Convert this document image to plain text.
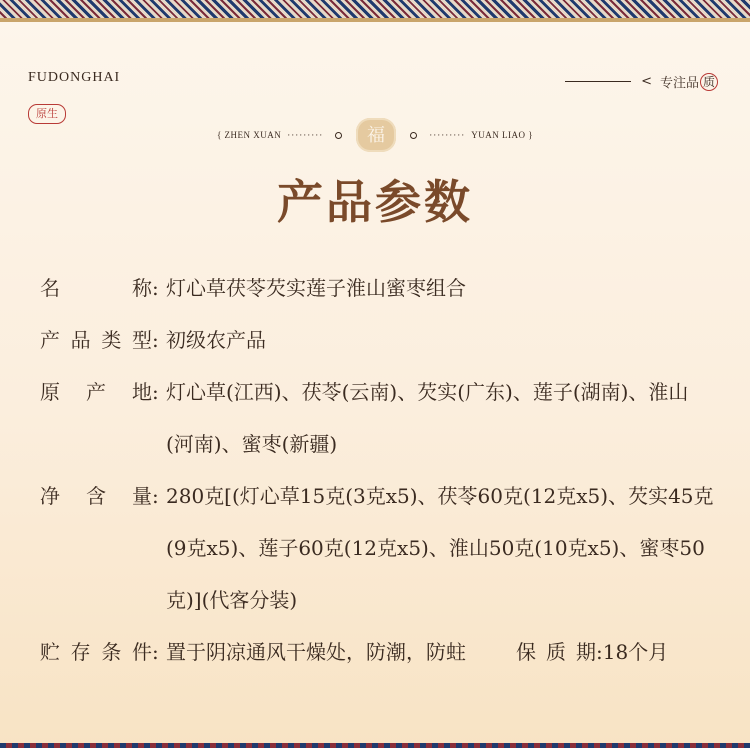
FUDONGHAI
原生
< 专注品 质
{ ZHEN XUAN ·········	福	········· YUAN LIAO }
产品参数
名称 : 灯心草茯苓芡实莲子淮山蜜枣组合
产品类型 : 初级农产品
原产地 : 灯心草(江西)、茯苓(云南)、芡实(广东)、莲子(湖南)、淮山 (河南)、蜜枣(新疆)
净含量 : 280克[(灯心草15克(3克x5)、茯苓60克(12克x5)、芡实45克(9克x5)、莲子60克(12克x5)、淮山50克(10克x5)、蜜枣50克)](代客分装)
贮存条件 : 置于阴凉通风干燥处，防潮，防蛀	保质期 : 18个月
